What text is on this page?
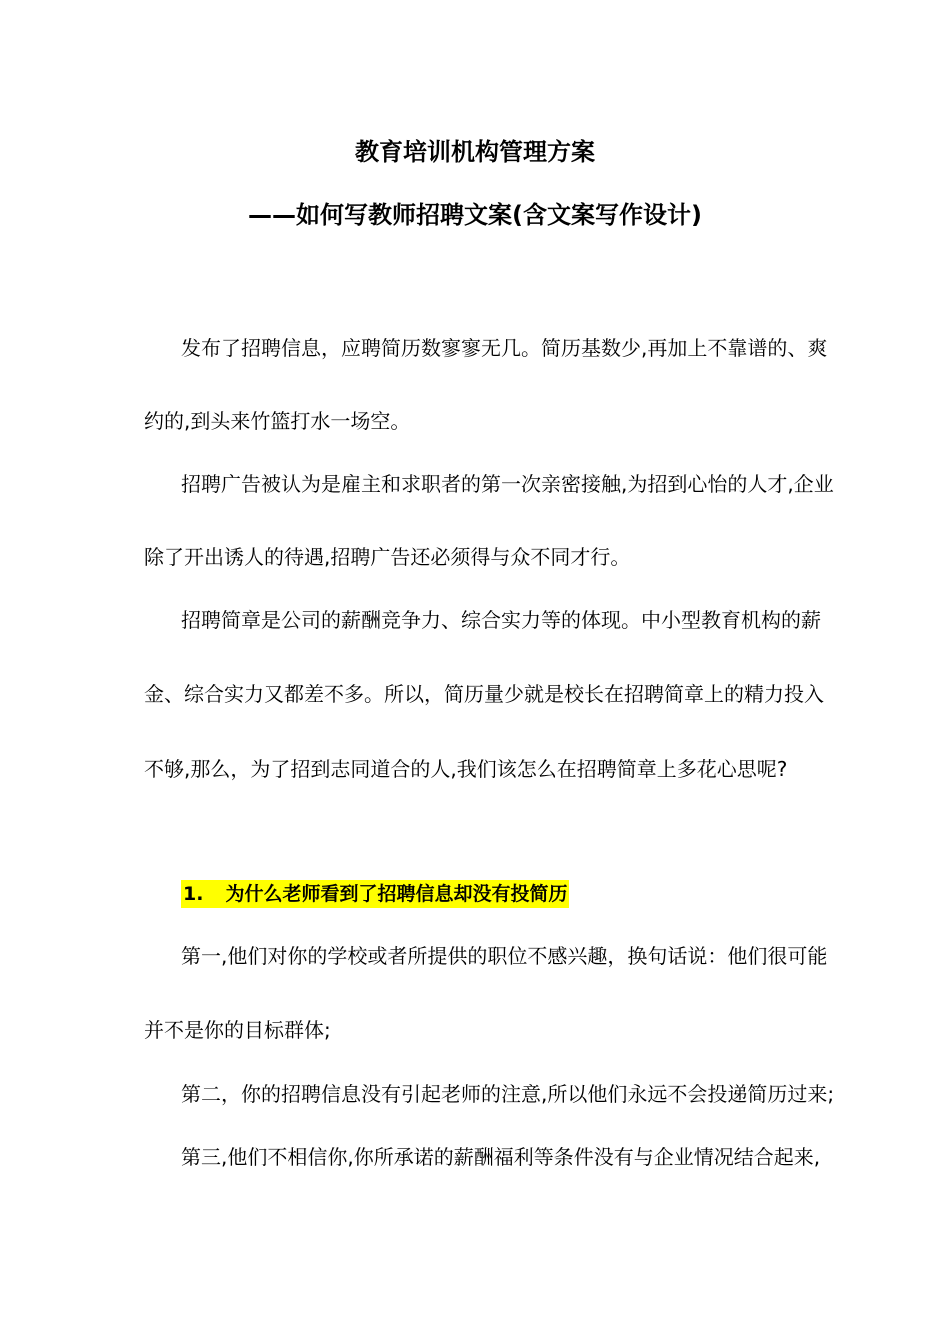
教育培训机构管理方案
——如何写教师招聘文案(含文案写作设计)
发布了招聘信息，应聘简历数寥寥无几。简历基数少,再加上不靠谱的、爽
约的,到头来竹篮打水一场空。
招聘广告被认为是雇主和求职者的第一次亲密接触,为招到心怡的人才,企业
除了开出诱人的待遇,招聘广告还必须得与众不同才行。
招聘简章是公司的薪酬竞争力、综合实力等的体现。中小型教育机构的薪
金、综合实力又都差不多。所以，简历量少就是校长在招聘简章上的精力投入
不够,那么，为了招到志同道合的人,我们该怎么在招聘简章上多花心思呢?
1. 为什么老师看到了招聘信息却没有投简历
第一,他们对你的学校或者所提供的职位不感兴趣，换句话说：他们很可能
并不是你的目标群体;
第二，你的招聘信息没有引起老师的注意,所以他们永远不会投递简历过来;
第三,他们不相信你,你所承诺的薪酬福利等条件没有与企业情况结合起来,
